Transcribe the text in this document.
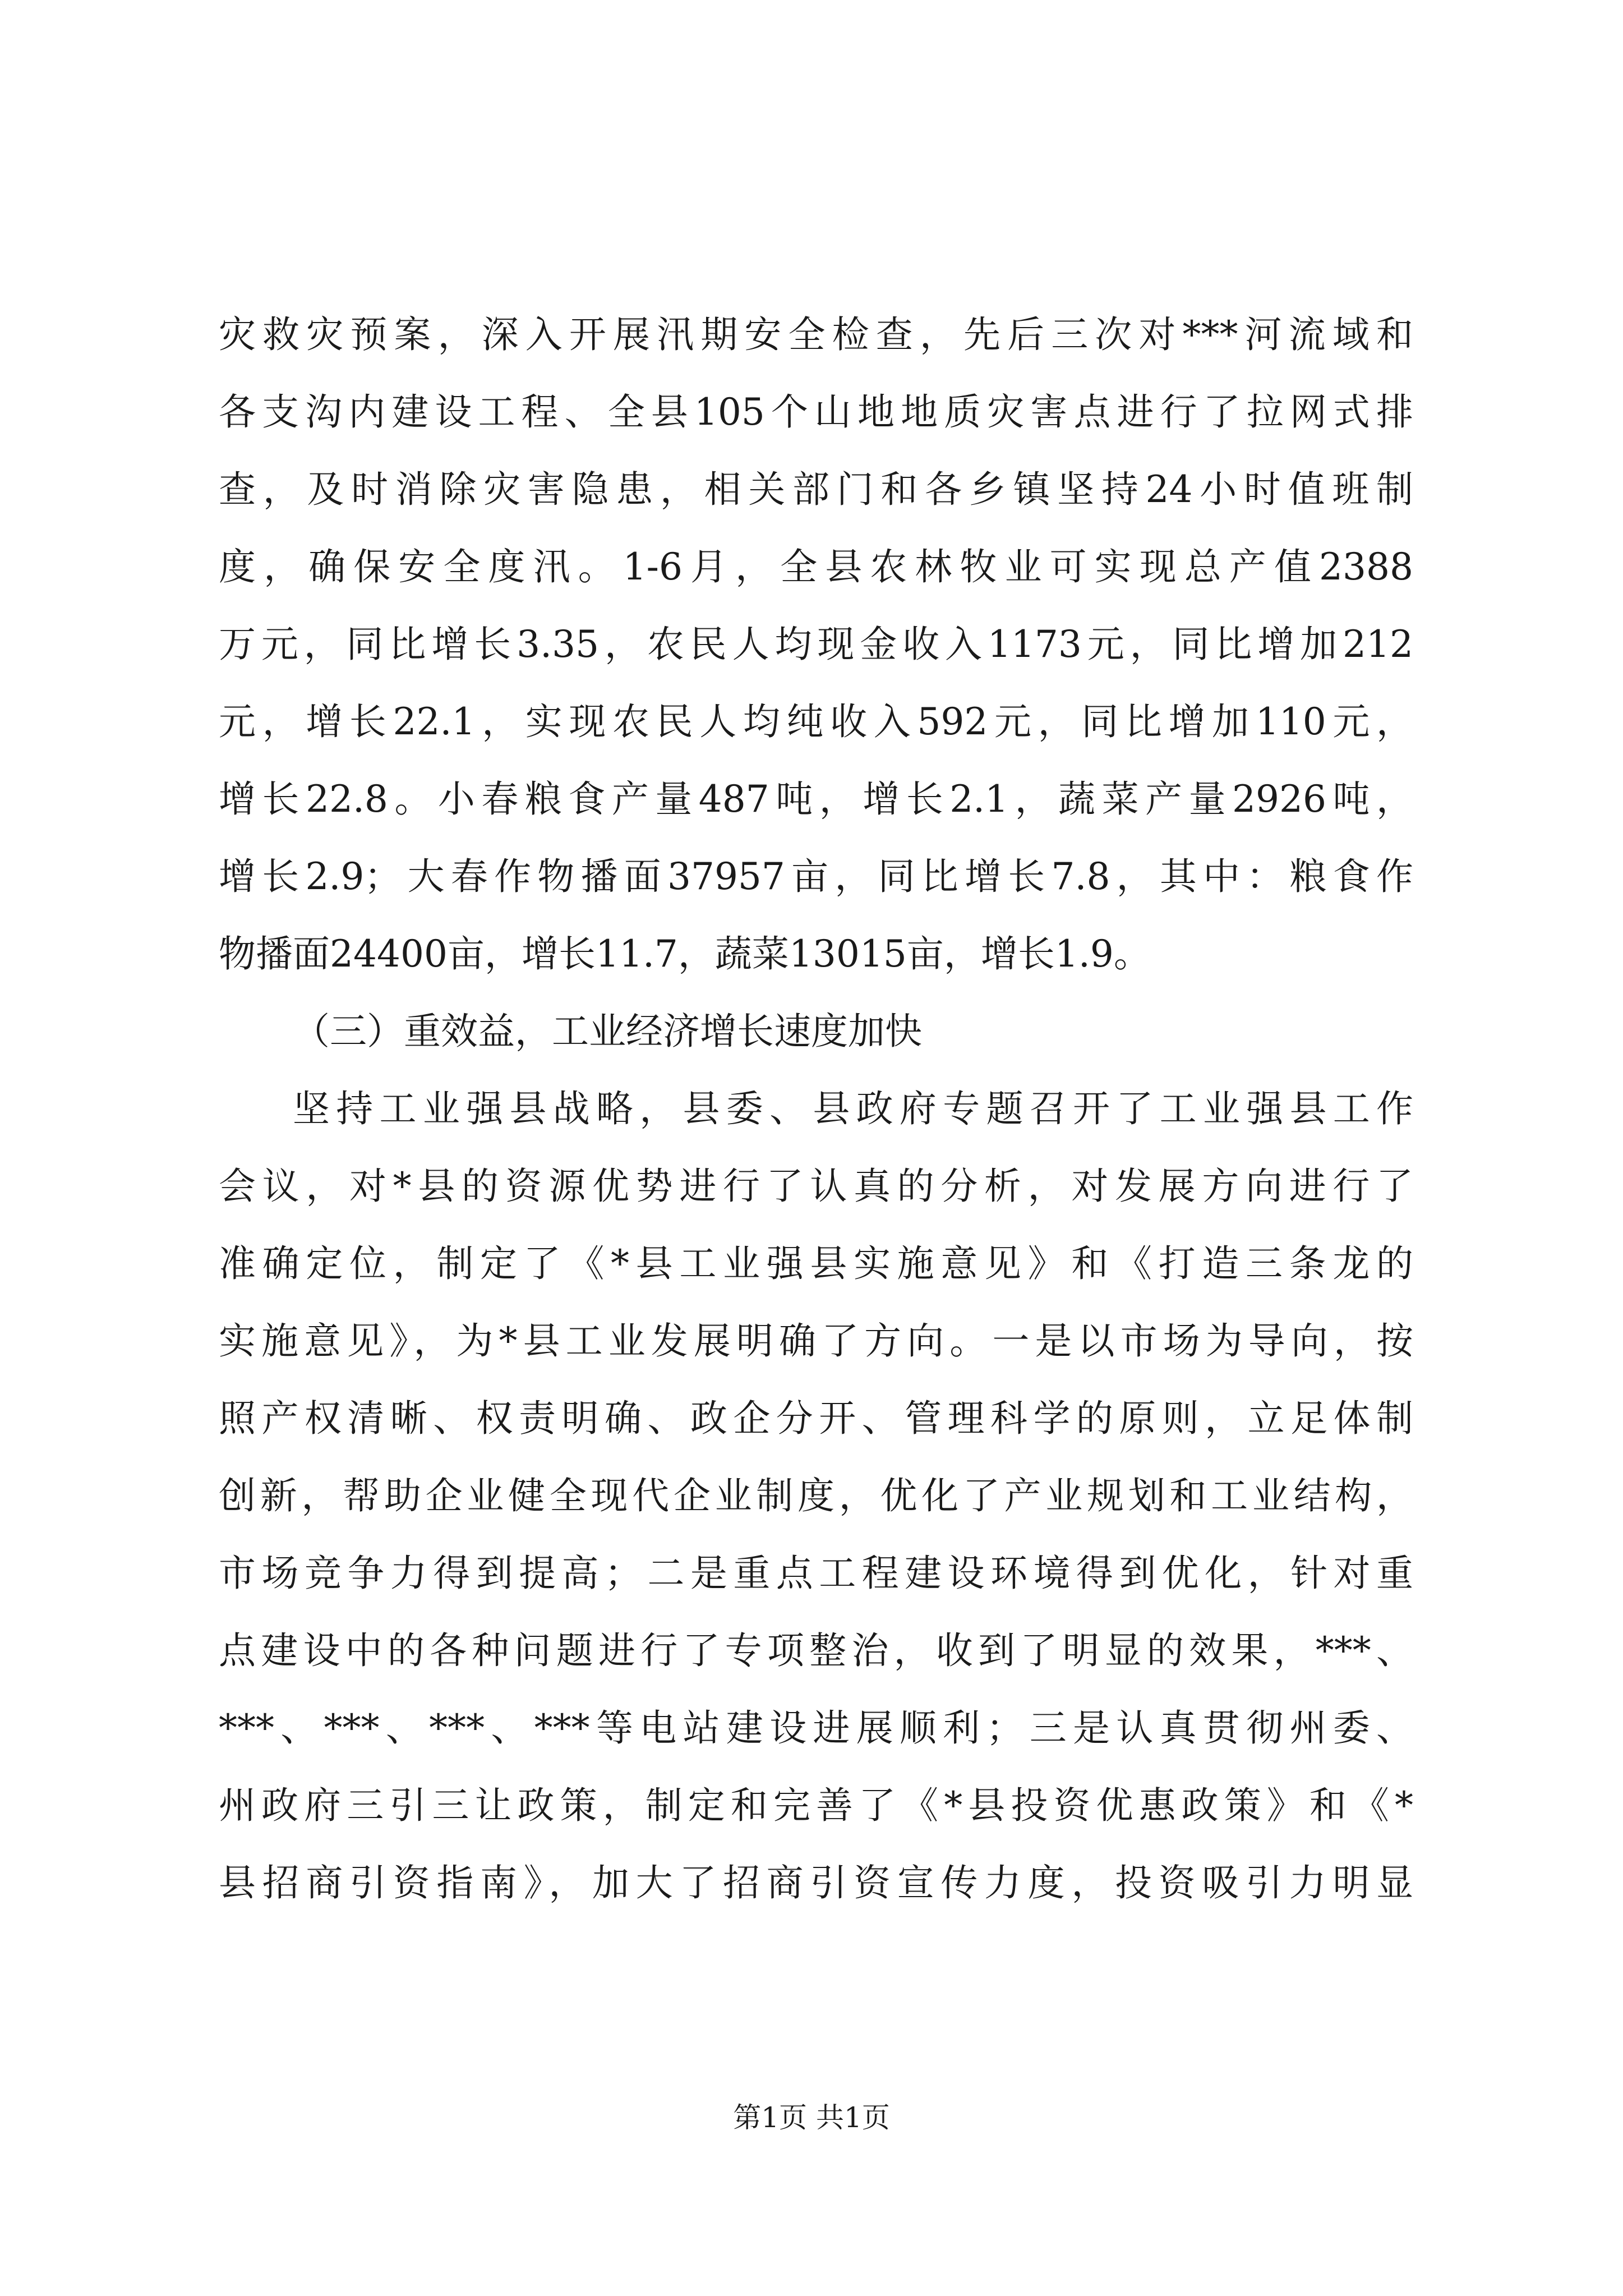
灾救灾预案，深入开展汛期安全检查，先后三次对***河流域和
各支沟内建设工程、全县105个山地地质灾害点进行了拉网式排
查，及时消除灾害隐患，相关部门和各乡镇坚持24小时值班制
度，确保安全度汛。1-6月，全县农林牧业可实现总产值2388
万元，同比增长3.35，农民人均现金收入1173元，同比增加212
元，增长22.1，实现农民人均纯收入592元，同比增加110元，
增长22.8。小春粮食产量487吨，增长2.1，蔬菜产量2926吨，
增长2.9；大春作物播面37957亩，同比增长7.8，其中：粮食作
物播面24400亩，增长11.7，蔬菜13015亩，增长1.9。
（三）重效益，工业经济增长速度加快
坚持工业强县战略，县委、县政府专题召开了工业强县工作
会议，对*县的资源优势进行了认真的分析，对发展方向进行了
准确定位，制定了《*县工业强县实施意见》和《打造三条龙的
实施意见》，为*县工业发展明确了方向。一是以市场为导向，按
照产权清晰、权责明确、政企分开、管理科学的原则，立足体制
创新，帮助企业健全现代企业制度，优化了产业规划和工业结构，
市场竞争力得到提高；二是重点工程建设环境得到优化，针对重
点建设中的各种问题进行了专项整治，收到了明显的效果，***、
***、***、***、***等电站建设进展顺利；三是认真贯彻州委、
州政府三引三让政策，制定和完善了《*县投资优惠政策》和《*
县招商引资指南》，加大了招商引资宣传力度，投资吸引力明显
第1页 共1页
